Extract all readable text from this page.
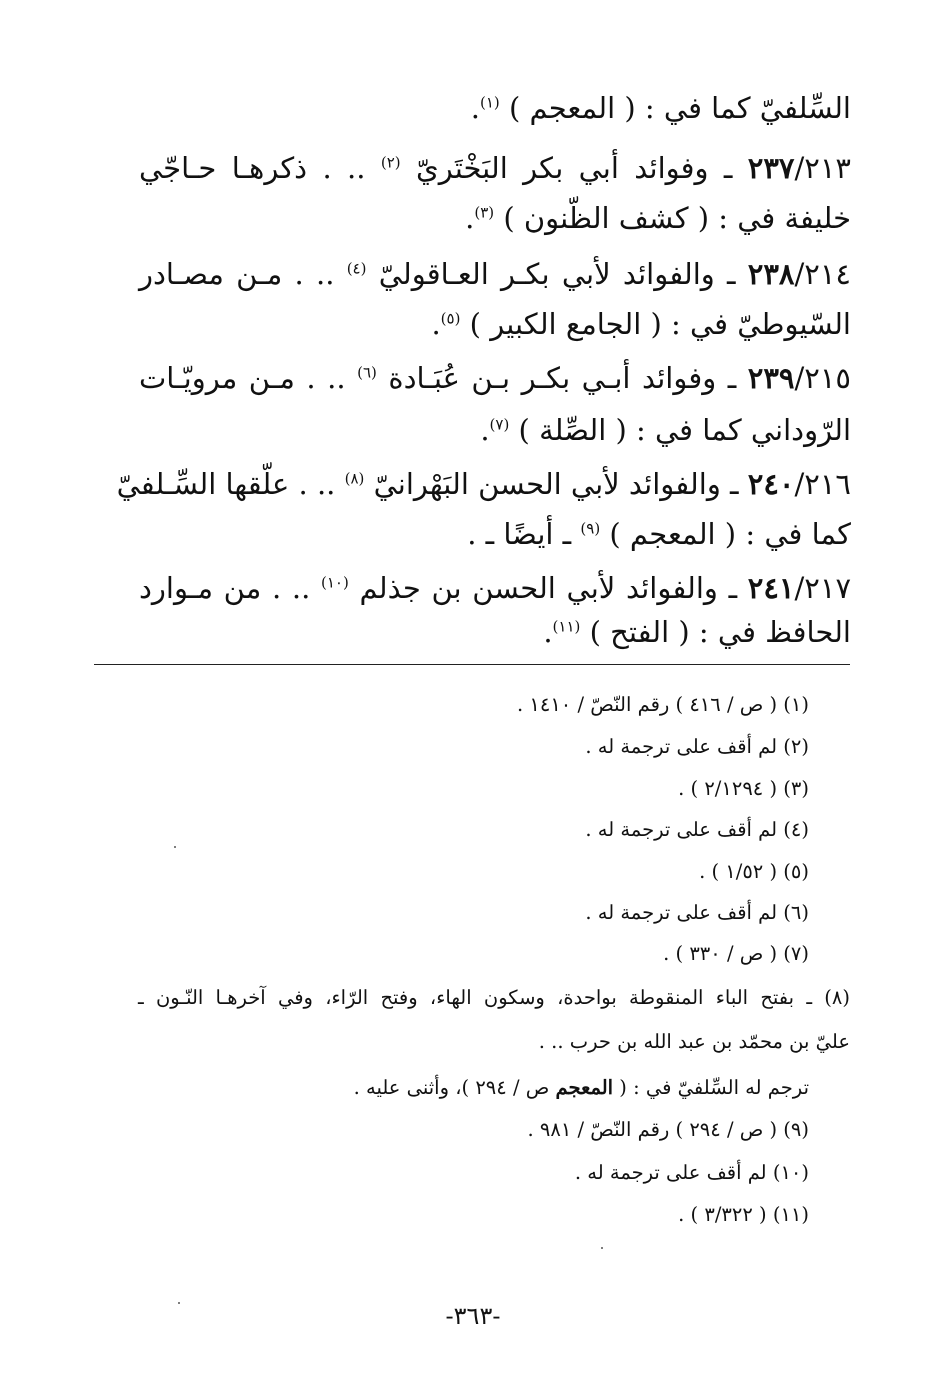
السِّلفيّ كما في : ( المعجم ) $^{(١)}$.
٢٣٧/٢١٣ ـ وفوائد أبي بكر البَخْتَريّ $^{(٢)}$ .. . ذكرهـا حـاجّي
خليفة في : ( كشف الظّنون ) $^{(٣)}$.
٢٣٨/٢١٤ ـ والفوائد لأبي بكـر العـاقوليّ $^{(٤)}$ .. . مـن مصـادر
السّيوطيّ في : ( الجامع الكبير ) $^{(٥)}$.
٢٣٩/٢١٥ ـ وفوائد أبـي بكـر بـن عُبَـادة $^{(٦)}$ .. . مـن مرويّـات
الرّوداني كما في : ( الصِّلة ) $^{(٧)}$.
٢٤٠/٢١٦ ـ والفوائد لأبي الحسن البَهْرانيّ $^{(٨)}$ .. . علّقها السِّـلفيّ
كما في : ( المعجم ) $^{(٩)}$ ـ أيضًا ـ .
٢٤١/٢١٧ ـ والفوائد لأبي الحسن بن جذلم $^{(١٠)}$ .. . من مـوارد
الحافظ في : ( الفتح ) $^{(١١)}$.
(١) ( ص / ٤١٦ ) رقم النّصّ / ١٤١٠ .
(٢) لم أقف على ترجمة له .
(٣) ( ٢/١٢٩٤ ) .
(٤) لم أقف على ترجمة له .
(٥) ( ١/٥٢ ) .
(٦) لم أقف على ترجمة له .
(٧) ( ص / ٣٣٠ ) .
(٨) ـ بفتح الباء المنقوطة بواحدة، وسكون الهاء، وفتح الرّاء، وفي آخرهـا النّـون ـ
عليّ بن محمّد بن عبد الله بن حرب .. .
ترجم له السِّلفيّ في : ( المعجم ص / ٢٩٤ )، وأثنى عليه .
(٩) ( ص / ٢٩٤ ) رقم النّصّ / ٩٨١ .
(١٠) لم أقف على ترجمة له .
(١١) ( ٣/٣٢٢ ) .
-٣٦٣-
